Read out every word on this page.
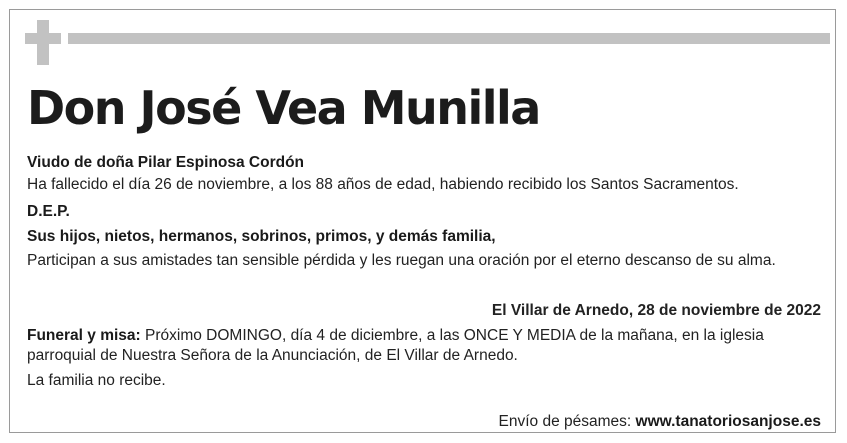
Don José Vea Munilla
Viudo de doña Pilar Espinosa Cordón
Ha fallecido el día 26 de noviembre, a los 88 años de edad, habiendo recibido los Santos Sacramentos.
D.E.P.
Sus hijos, nietos, hermanos, sobrinos, primos, y demás familia,
Participan a sus amistades tan sensible pérdida y les ruegan una oración por el eterno descanso de su alma.
El Villar de Arnedo, 28 de noviembre de 2022
Funeral y misa: Próximo DOMINGO, día 4 de diciembre, a las ONCE Y MEDIA de la mañana, en la iglesia
parroquial de Nuestra Señora de la Anunciación, de El Villar de Arnedo.
La familia no recibe.
Envío de pésames: www.tanatoriosanjose.es
